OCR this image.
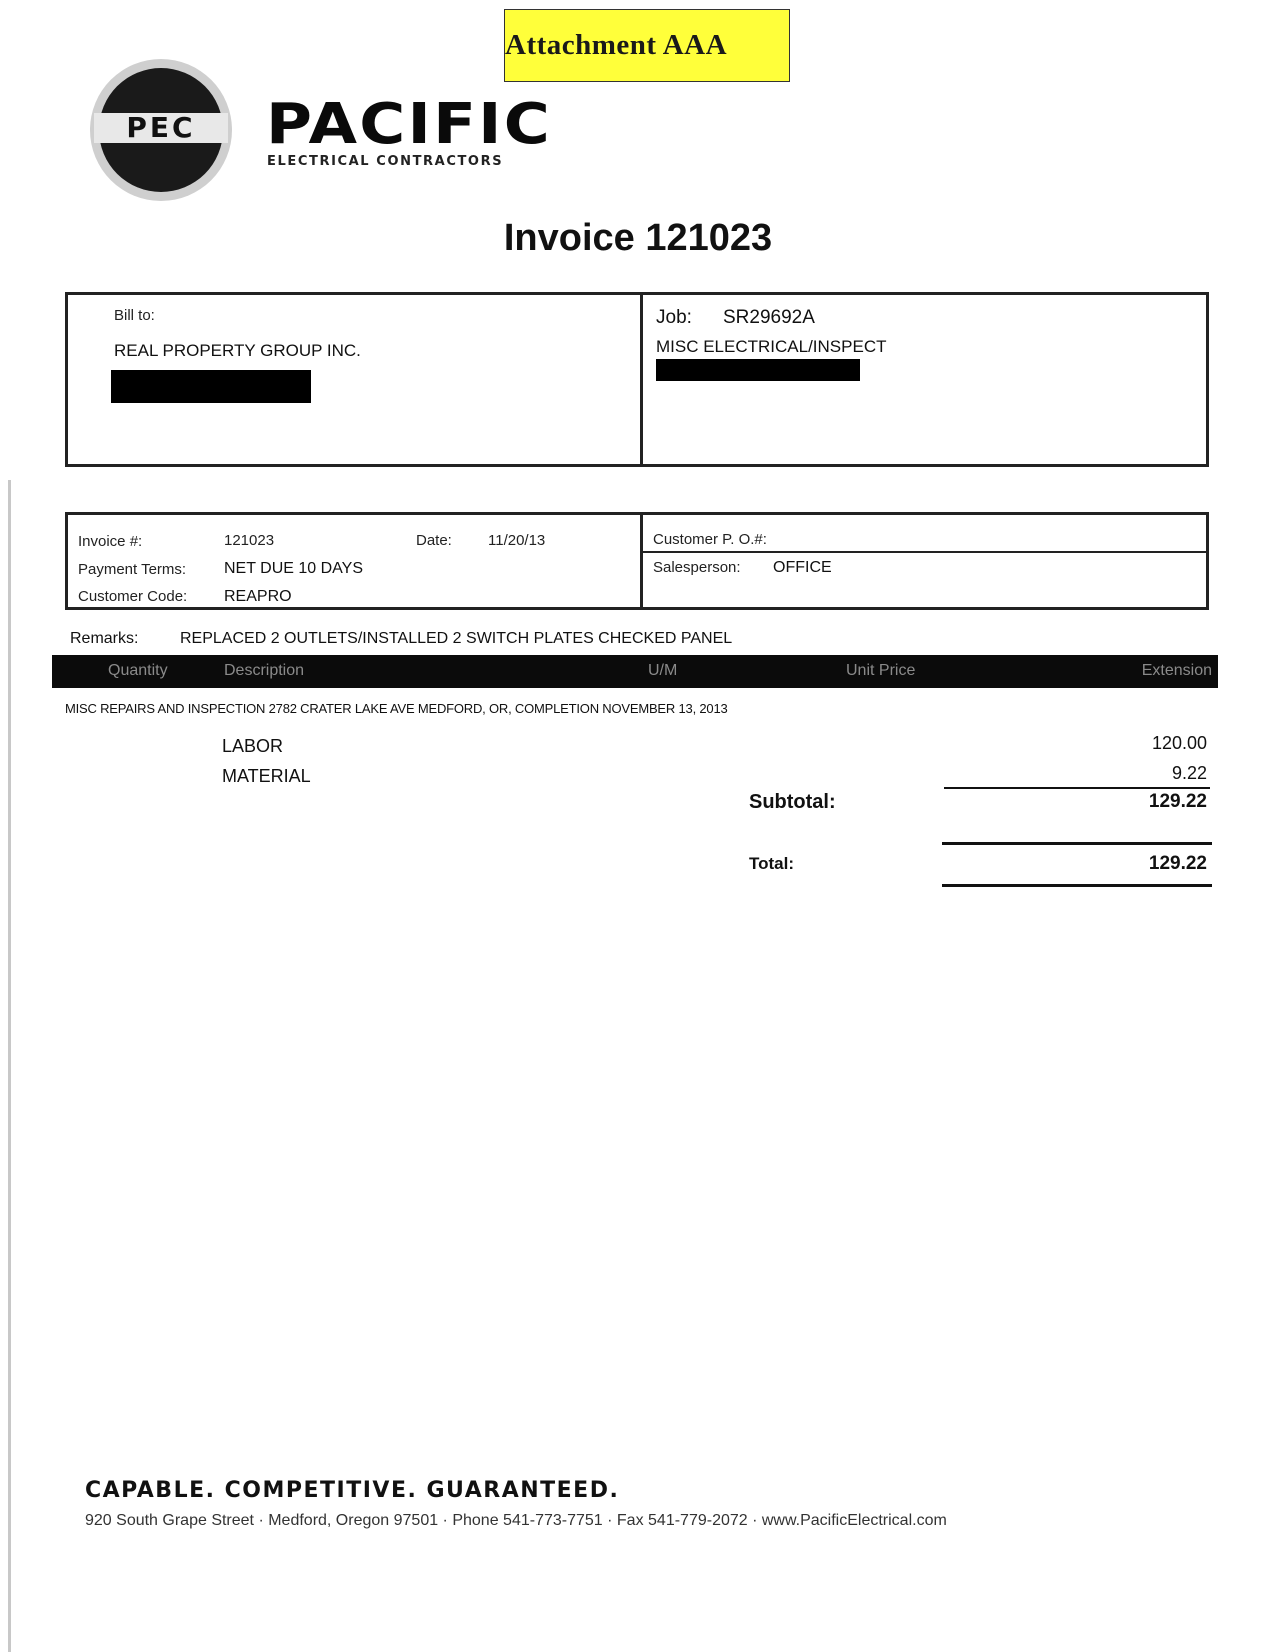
Attachment AAA
PEC PACIFIC
ELECTRICAL CONTRACTORS
Invoice 121023
Bill to:
REAL PROPERTY GROUP INC.
Job: SR29692A
MISC ELECTRICAL/INSPECT
Invoice #:	121023	Date: 11/20/13
Payment Terms: NET DUE 10 DAYS
Customer Code: REAPRO
Customer P. O.#:
Salesperson: OFFICE
Remarks:	REPLACED 2 OUTLETS/INSTALLED 2 SWITCH PLATES CHECKED PANEL
Quantity	Description	U/M	Unit Price	Extension
MISC REPAIRS AND INSPECTION 2782 CRATER LAKE AVE MEDFORD, OR, COMPLETION NOVEMBER 13, 2013
LABOR	120.00
MATERIAL	9.22
Subtotal:	129.22
Total:	129.22
CAPABLE. COMPETITIVE. GUARANTEED.
920 South Grape Street · Medford, Oregon 97501 · Phone 541-773-7751 · Fax 541-779-2072 · www.PacificElectrical.com
